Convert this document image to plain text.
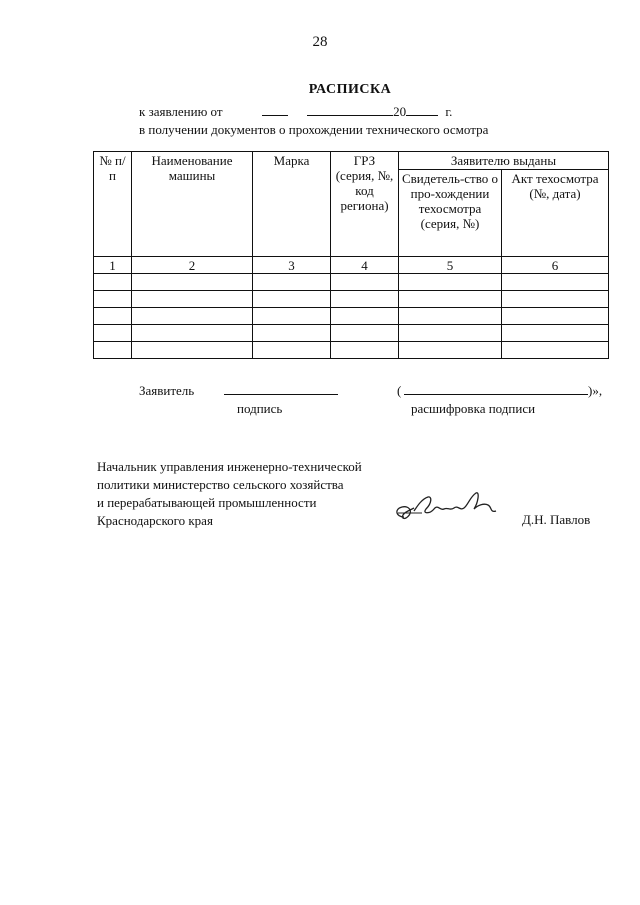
28
РАСПИСКА
к заявлению от	20	г.
в получении документов о прохождении технического осмотра
№ п/п	Наименование машины	Марка	ГРЗ (серия, №, код региона)	Заявителю выданы	
				Свидетель-ство о про-хождении техосмотра (серия, №)	Акт техосмотра (№, дата)
1	2	3	4	5	6

Заявитель
подпись
(	)»,
расшифровка подписи
Начальник управления инженерно-технической
политики министерство сельского хозяйства
и перерабатывающей промышленности
Краснодарского края	Д.Н. Павлов
